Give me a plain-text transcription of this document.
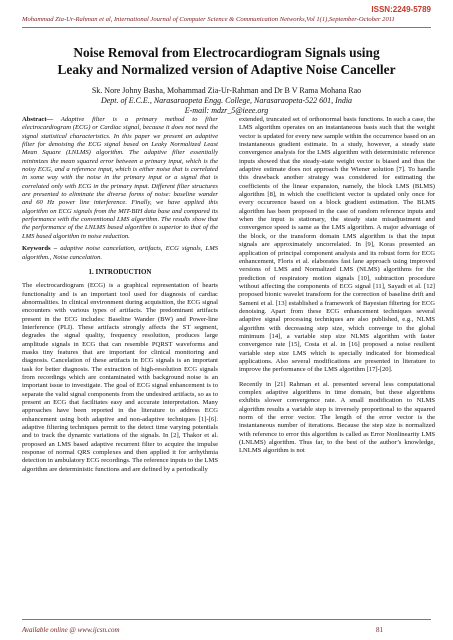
ISSN:2249-5789
Mohammad Zia-Ur-Rahman et al, International Journal of Computer Science & Communication Networks,Vol 1(1),September-October 2011
Noise Removal from Electrocardiogram Signals using
Leaky and Normalized version of Adaptive Noise Canceller
Sk. Nore Johny Basha, Mohammad Zia-Ur-Rahman and Dr B V Rama Mohana Rao
Dept. of E.C.E., Narasaraopeta Engg. College, Narasaraopeta-522 601, India
E-mail: mdzr_5@ieee.org

Abstract— Adaptive filter is a primary method to filter electrocardiogram (ECG) or Cardiac signal, because it does not need the signal statistical characteristics. In this paper we present an adaptive filter for denoising the ECG signal based on Leaky Normalized Least Mean Square (LNLMS) algorithm. The adaptive filter essentially minimizes the mean squared error between a primary input, which is the noisy ECG, and a reference input, which is either noise that is correlated in some way with the noise in the primary input or a signal that is correlated only with ECG in the primary input. Different filter structures are presented to eliminate the diverse forms of noise: baseline wander and 60 Hz power line interference. Finally, we have applied this algorithm on ECG signals from the MIT-BIH data base and compared its performance with the conventional LMS algorithm. The results show that the performance of the LNLMS based algorithm is superior to that of the LMS based algorithm in noise reduction.

Keywords – adaptive noise cancelation, artifacts, ECG signals, LMS algorithm., Noise cancelation.

1. INTRODUCTION

The electrocardiogram (ECG) is a graphical representation of hearts functionality and is an important tool used for diagnosis of cardiac abnormalities. In clinical environment during acquisition, the ECG signal encounters with various types of artifacts. The predominant artifacts present in the ECG includes: Baseline Wander (BW) and Power-line Interference (PLI). These artifacts strongly affects the ST segment, degrades the signal quality, frequency resolution, produces large amplitude signals in ECG that can resemble PQRST waveforms and masks tiny features that are important for clinical monitoring and diagnosis. Cancelation of these artifacts in ECG signals is an important task for better diagnosis. The extraction of high-resolution ECG signals from recordings which are contaminated with background noise is an important issue to investigate. The goal of ECG signal enhancement is to separate the valid signal components from the undesired artifacts, so as to present an ECG that facilitates easy and accurate interpretation. Many approaches have been reported in the literature to address ECG enhancement using both adaptive and non-adaptive techniques [1]-[6]. adaptive filtering techniques permit to the detect time varying potentials and to track the dynamic variations of the signals. In [2], Thakor et al. proposed an LMS based adaptive recurrent filter to acquire the impulse response of normal QRS complexes and then applied it for arrhythmia detection in ambulatory ECG recordings. The reference inputs to the LMS algorithm are deterministic functions and are defined by a periodically

extended, truncated set of orthonormal basis functions. In such a case, the LMS algorithm operates on an instantaneous basis such that the weight vector is updated for every new sample within the occurrence based on an instantaneous gradient estimate. In a study, however, a steady state convergence analysis for the LMS algorithm with deterministic reference inputs showed that the steady-state weight vector is biased and thus the adaptive estimate does not approach the Wiener solution [7]. To handle this drawback another strategy was considered for estimating the coefficients of the linear expansion, namely, the block LMS (BLMS) algorithm [8], in which the coefficient vector is updated only once for every occurrence based on a block gradient estimation. The BLMS algorithm has been proposed in the case of random reference inputs and when the input is stationary, the steady state misadjustment and convergence speed is same as the LMS algorithm. A major advantage of the block, or the transform domain LMS algorithm is that the input signals are approximately uncorrelated. In [9], Koras presented an application of principal component analysis and its robust form for ECG enhancement, Floris et al. elaborates fast lane approach using improved versions of LMS and Normalized LMS (NLMS) algorithms for the prediction of respiratory motion signals [10], subtraction procedure without affecting the components of ECG signal [11], Sayadi et al. [12] proposed bionic wavelet transform for the correction of baseline drift and Sameni et al. [13] established a framework of Bayesian filtering for ECG denoising. Apart from these ECG enhancement techniques several adaptive signal processing techniques are also published, e.g., NLMS algorithm with decreasing step size, which converge to the global minimum [14], a variable step size NLMS algorithm with faster convergence rate [15], Costa et al. in [16] proposed a noise resilient variable step size LMS which is specially indicated for biomedical applications. Also several modifications are presented in literature to improve the performance of the LMS algorithm [17]-[20].

Recently in [21] Rahman et al. presented several less computational complex adaptive algorithms in time domain, but these algorithms exhibits slower convergence rate. A small modification to NLMS algorithm results a variable step is inversely proportional to the squared norm of the error vector. The length of the error vector is the instantaneous number of iterations. Because the step size is normalized with reference to error this algorithm is called as Error Nonlinearity LMS (LNLMS) algorithm. Thus far, to the best of the author’s knowledge, LNLMS algorithm is not

Available online @ www.ijcsn.com	81
